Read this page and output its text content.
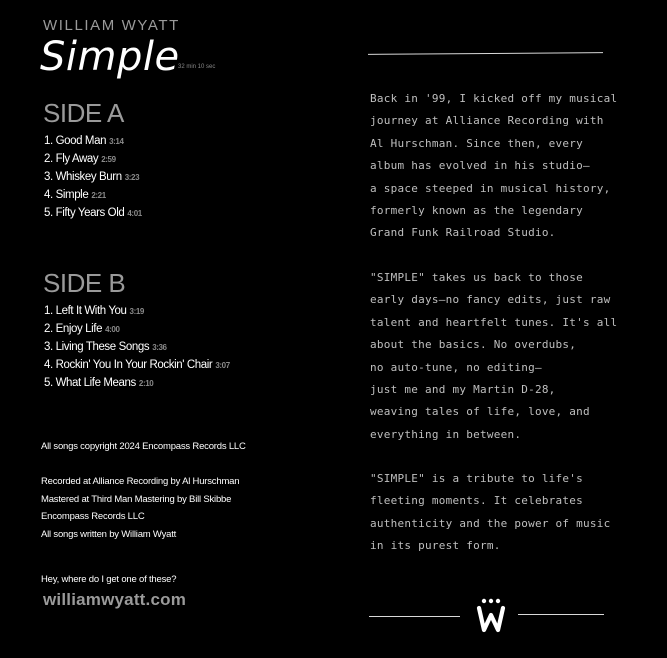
WILLIAM WYATT
Simple
32 min 10 sec
SIDE A
1. Good Man 3:14
2. Fly Away 2:59
3. Whiskey Burn 3:23
4. Simple 2:21
5. Fifty Years Old 4:01
SIDE B
1. Left It With You 3:19
2. Enjoy Life 4:00
3. Living These Songs 3:36
4. Rockin' You In Your Rockin' Chair 3:07
5. What Life Means 2:10
All songs copyright 2024 Encompass Records LLC
Recorded at Alliance Recording by Al Hurschman
Mastered at Third Man Mastering by Bill Skibbe
Encompass Records LLC
All songs written by William Wyatt
Hey, where do I get one of these?
williamwyatt.com
Back in '99, I kicked off my musical
journey at Alliance Recording with
Al Hurschman. Since then, every
album has evolved in his studio—
a space steeped in musical history,
formerly known as the legendary
Grand Funk Railroad Studio.
"SIMPLE" takes us back to those
early days—no fancy edits, just raw
talent and heartfelt tunes. It's all
about the basics. No overdubs,
no auto-tune, no editing—
just me and my Martin D-28,
weaving tales of life, love, and
everything in between.
"SIMPLE" is a tribute to life's
fleeting moments. It celebrates
authenticity and the power of music
in its purest form.
